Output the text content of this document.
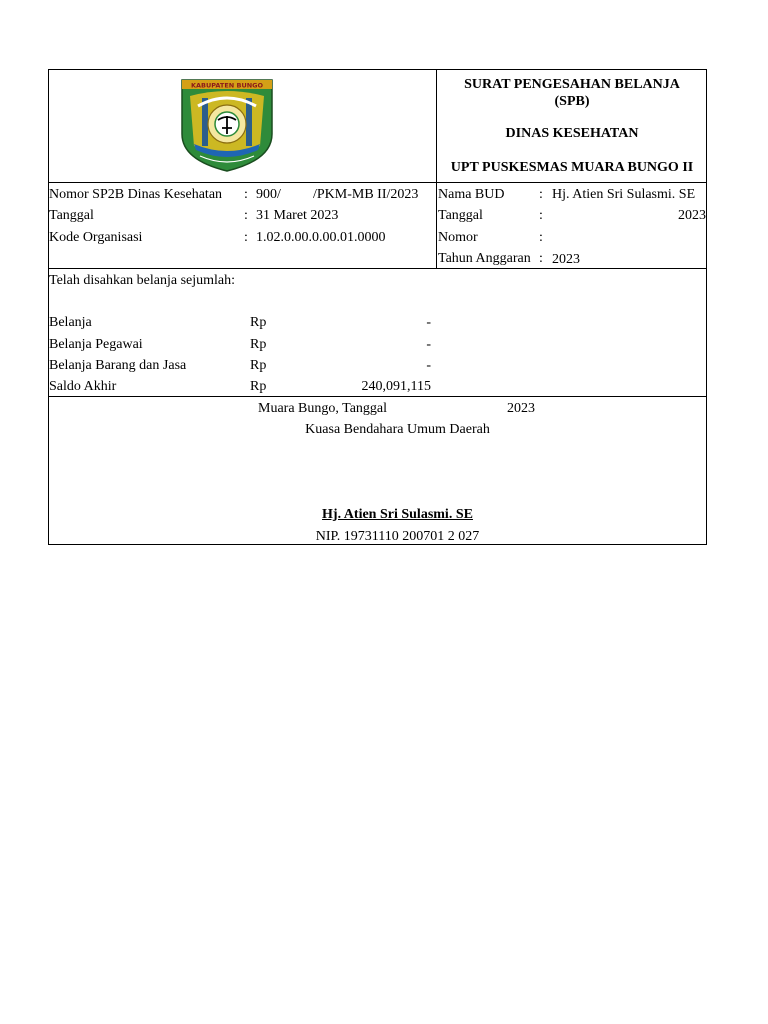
KABUPATEN BUNGO	SURAT PENGESAHAN BELANJA
(SPB)
DINAS KESEHATAN
UPT PUSKESMAS MUARA BUNGO II
Nomor SP2B Dinas Kesehatan : 900/ /PKM-MB II/2023
Tanggal	: 31 Maret 2023
Kode Organisasi	: 1.02.0.00.0.00.01.0000
Nama BUD : Hj. Atien Sri Sulasmi. SE
Tanggal	:	2023
Nomor	:
Tahun Anggaran : 2023
Telah disahkan belanja sejumlah:
Belanja	Rp	-
Belanja Pegawai	Rp	-
Belanja Barang dan Jasa	Rp	-
Saldo Akhir	Rp	240,091,115
Muara Bungo, Tanggal	2023
Kuasa Bendahara Umum Daerah
Hj. Atien Sri Sulasmi. SE
NIP. 19731110 200701 2 027
